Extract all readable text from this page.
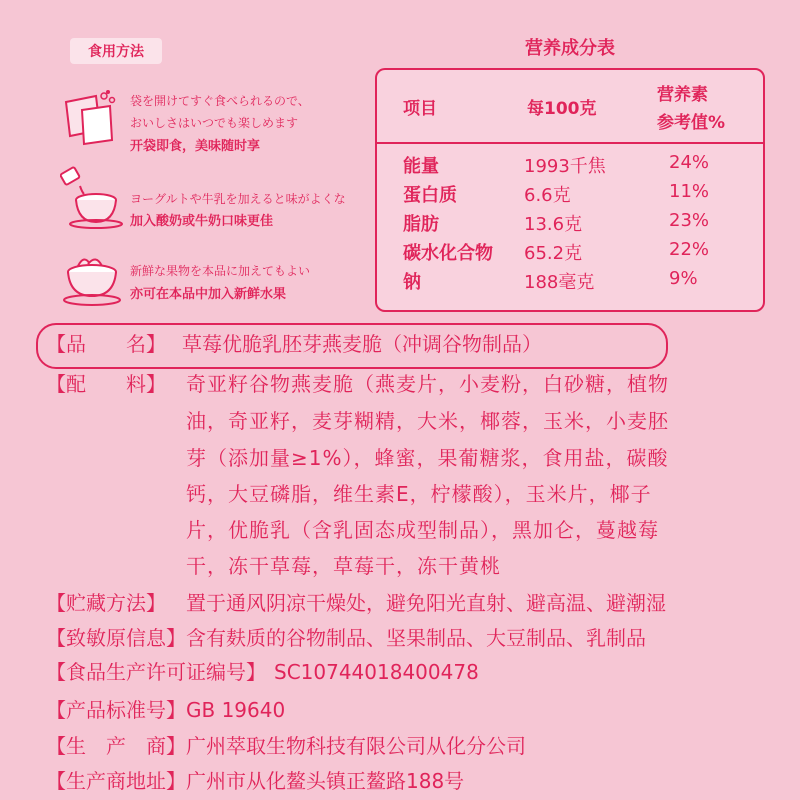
食用方法
袋を開けてすぐ食べられるので、
おいしさはいつでも楽しめます
开袋即食，美味随时享
ヨーグルトや牛乳を加えると味がよくな
加入酸奶或牛奶口味更佳
新鮮な果物を本品に加えてもよい
亦可在本品中加入新鲜水果
营养成分表
项目	每100克
营养素
参考值%
能量	1993千焦	24%
蛋白质	6.6克	11%
脂肪	13.6克	23%
碳水化合物 65.2克	22%
钠	188毫克	9%
【品　　名】 草莓优脆乳胚芽燕麦脆（冲调谷物制品）
【配　　料】 奇亚籽谷物燕麦脆（燕麦片，小麦粉，白砂糖，植物
油，奇亚籽，麦芽糊精，大米，椰蓉，玉米，小麦胚
芽（添加量≥1%），蜂蜜，果葡糖浆，食用盐，碳酸
钙，大豆磷脂，维生素E，柠檬酸），玉米片，椰子
片，优脆乳（含乳固态成型制品），黑加仑，蔓越莓
干，冻干草莓，草莓干，冻干黄桃
【贮藏方法】 置于通风阴凉干燥处，避免阳光直射、避高温、避潮湿
【致敏原信息】 含有麸质的谷物制品、坚果制品、大豆制品、乳制品
【食品生产许可证编号】 SC10744018400478
【产品标准号】 GB 19640
【生　产　商】 广州萃取生物科技有限公司从化分公司
【生产商地址】 广州市从化鳌头镇正鳌路188号
